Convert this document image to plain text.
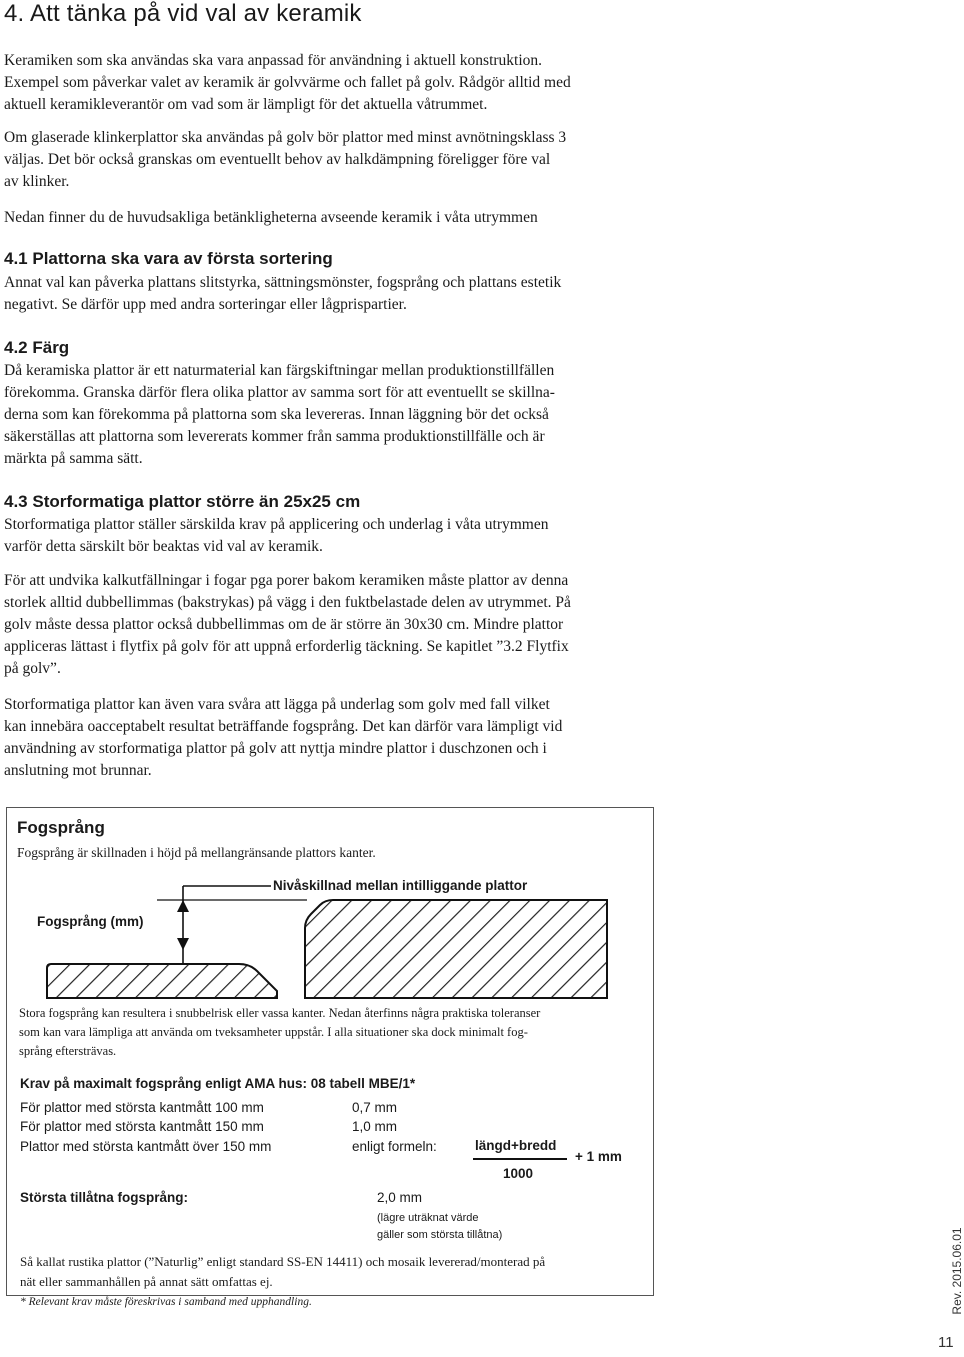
4. Att tänka på vid val av keramik
Keramiken som ska användas ska vara anpassad för användning i aktuell konstruktion.
Exempel som påverkar valet av keramik är golvvärme och fallet på golv. Rådgör alltid med
aktuell keramikleverantör om vad som är lämpligt för det aktuella våtrummet.
Om glaserade klinkerplattor ska användas på golv bör plattor med minst avnötningsklass 3
väljas. Det bör också granskas om eventuellt behov av halkdämpning föreligger före val
av klinker.
Nedan finner du de huvudsakliga betänkligheterna avseende keramik i våta utrymmen
4.1 Plattorna ska vara av första sortering
Annat val kan påverka plattans slitstyrka, sättningsmönster, fogsprång och plattans estetik
negativt. Se därför upp med andra sorteringar eller lågprispartier.
4.2 Färg
Då keramiska plattor är ett naturmaterial kan färgskiftningar mellan produktionstillfällen
förekomma. Granska därför flera olika plattor av samma sort för att eventuellt se skillna-
derna som kan förekomma på plattorna som ska levereras. Innan läggning bör det också
säkerställas att plattorna som levererats kommer från samma produktionstillfälle och är
märkta på samma sätt.
4.3 Storformatiga plattor större än 25x25 cm
Storformatiga plattor ställer särskilda krav på applicering och underlag i våta utrymmen
varför detta särskilt bör beaktas vid val av keramik.
För att undvika kalkutfällningar i fogar pga porer bakom keramiken måste plattor av denna
storlek alltid dubbellimmas (bakstrykas) på vägg i den fuktbelastade delen av utrymmet. På
golv måste dessa plattor också dubbellimmas om de är större än 30x30 cm. Mindre plattor
appliceras lättast i flytfix på golv för att uppnå erforderlig täckning. Se kapitlet ”3.2 Flytfix
på golv”.
Storformatiga plattor kan även vara svåra att lägga på underlag som golv med fall vilket
kan innebära oacceptabelt resultat beträffande fogsprång. Det kan därför vara lämpligt vid
användning av storformatiga plattor på golv att nyttja mindre plattor i duschzonen och i
anslutning mot brunnar.
Fogsprång
Fogsprång är skillnaden i höjd på mellangränsande plattors kanter.
Nivåskillnad mellan intilliggande plattor
Fogsprång (mm)
Stora fogsprång kan resultera i snubbelrisk eller vassa kanter. Nedan återfinns några praktiska toleranser
som kan vara lämpliga att använda om tveksamheter uppstår. I alla situationer ska dock minimalt fog-
språng eftersträvas.
Krav på maximalt fogsprång enligt AMA hus: 08 tabell MBE/1*
För plattor med största kantmått 100 mm	0,7 mm
För plattor med största kantmått 150 mm	1,0 mm
Plattor med största kantmått över 150 mm	enligt formeln:	längd+bredd
1000
+ 1 mm
Största tillåtna fogsprång:	2,0 mm
(lägre uträknat värde
gäller som största tillåtna)
Så kallat rustika plattor (”Naturlig” enligt standard SS-EN 14411) och mosaik levererad/monterad på
nät eller sammanhållen på annat sätt omfattas ej.
* Relevant krav måste föreskrivas i samband med upphandling.	Rev. 2015.06.01
11
